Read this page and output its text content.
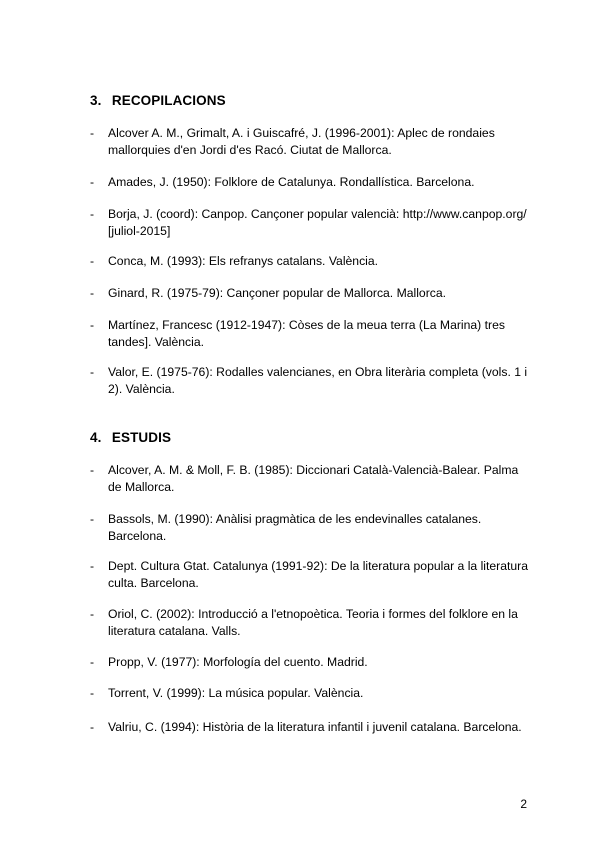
3. RECOPILACIONS
- Alcover A. M., Grimalt, A. i Guiscafré, J. (1996-2001): Aplec de rondaies mallorquies d'en Jordi d'es Racó. Ciutat de Mallorca.
- Amades, J. (1950): Folklore de Catalunya. Rondallística. Barcelona.
- Borja, J. (coord): Canpop. Cançoner popular valencià: http://www.canpop.org/ [juliol-2015]
- Conca, M. (1993): Els refranys catalans. València.
- Ginard, R. (1975-79): Cançoner popular de Mallorca. Mallorca.
- Martínez, Francesc (1912-1947): Còses de la meua terra (La Marina) tres tandes]. València.
- Valor, E. (1975-76): Rodalles valencianes, en Obra literària completa (vols. 1 i 2). València.
4. ESTUDIS
- Alcover, A. M. & Moll, F. B. (1985): Diccionari Català-Valencià-Balear. Palma de Mallorca.
- Bassols, M. (1990): Anàlisi pragmàtica de les endevinalles catalanes. Barcelona.
- Dept. Cultura Gtat. Catalunya (1991-92): De la literatura popular a la literatura culta. Barcelona.
- Oriol, C. (2002): Introducció a l'etnopoètica. Teoria i formes del folklore en la literatura catalana. Valls.
- Propp, V. (1977): Morfología del cuento. Madrid.
- Torrent, V. (1999): La música popular. València.
- Valriu, C. (1994): Història de la literatura infantil i juvenil catalana. Barcelona.
2
